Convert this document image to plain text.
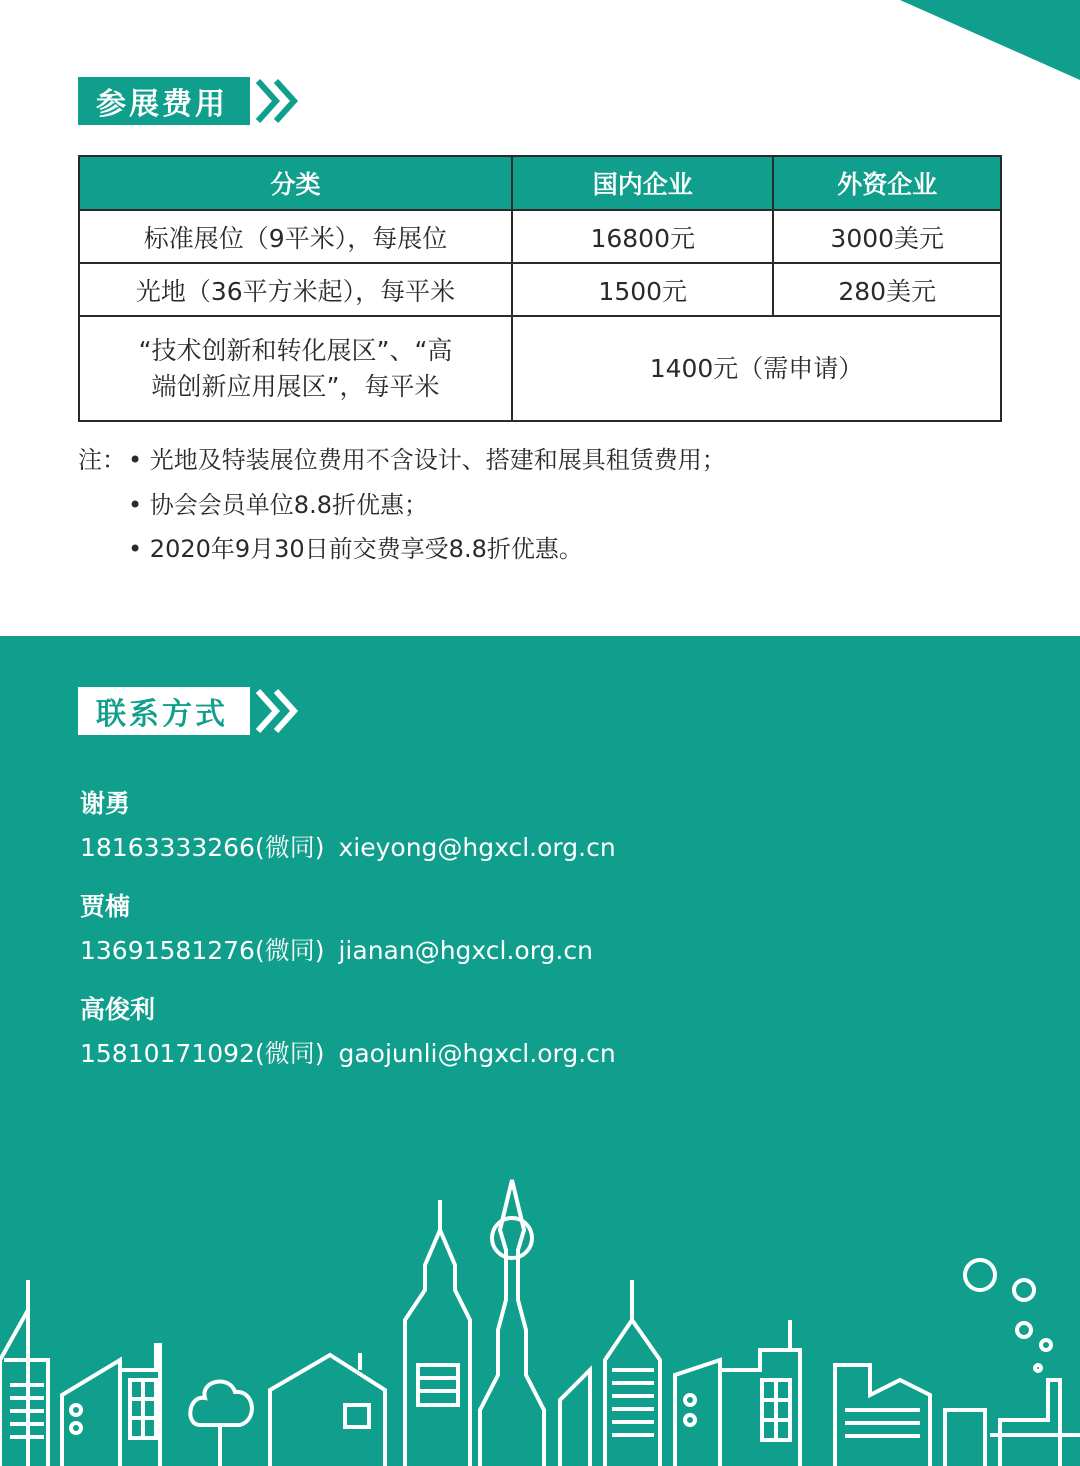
参展费用
分类	国内企业	外资企业
标准展位（9平米），每展位	16800元	3000美元
光地（36平方米起），每平米	1500元	280美元

“技术创新和转化展区”、“高
端创新应用展区”，每平米	1400元（需申请）	
注： • 光地及特装展位费用不含设计、搭建和展具租赁费用；
• 协会会员单位8.8折优惠；
• 2020年9月30日前交费享受8.8折优惠。
联系方式
谢勇
18163333266(微同) xieyong@hgxcl.org.cn
贾楠
13691581276(微同) jianan@hgxcl.org.cn
高俊利
15810171092(微同) gaojunli@hgxcl.org.cn
